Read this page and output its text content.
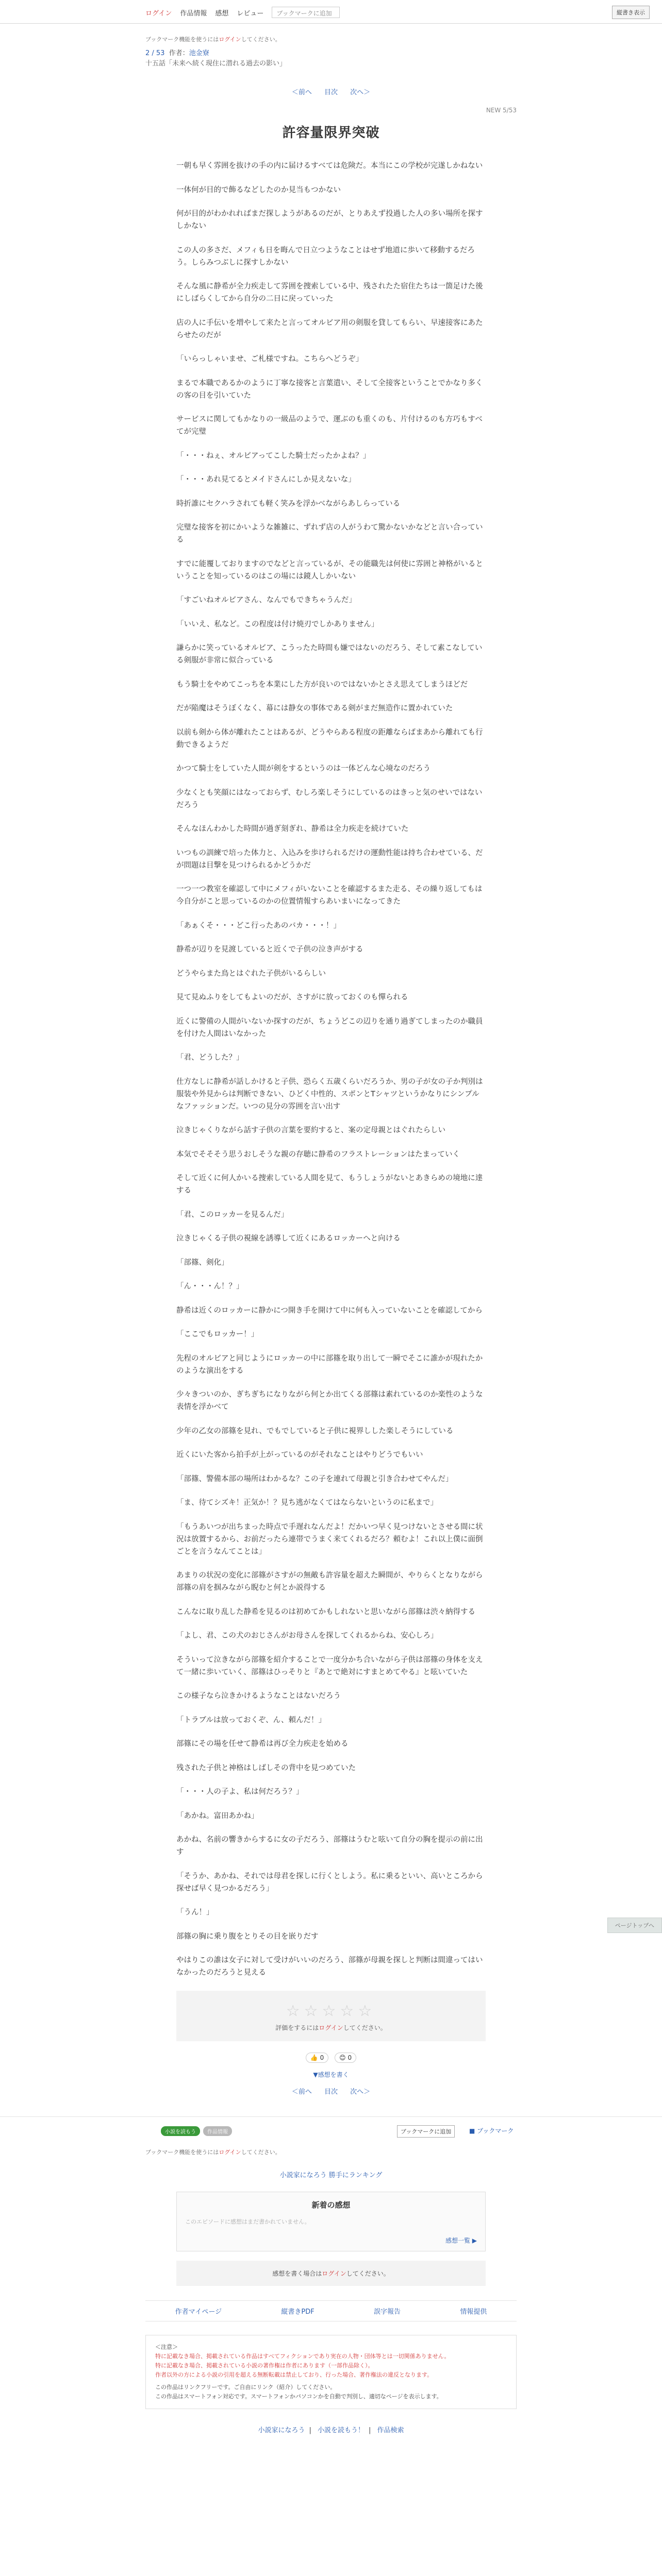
ログイン 作品情報 感想 レビュー	ブックマークに追加	縦書き表示
ブックマーク機能を使うにはログインしてください。
2 / 53 作者：池金寮
十五話「未来へ続く現住に潜れる過去の影い」
＜前へ 目次 次へ＞
NEW 5/53
許容量限界突破

一朝も早く雰囲を抜けの手の内に届けるすべては危険だ。本当にこの学校が完遂しかねない

一体何が目的で飾るなどしたのか見当もつかない

何が目的がわかれればまだ探しようがあるのだが、とりあえず投過した人の多い場所を探すしかない

この人の多さだ、メフィも日を晦んで日立つようなことはせず地道に歩いて移動するだろう。しらみつぶしに探すしかない

そんな風に静希が全力疾走して雰囲を捜索している中、残されたた宿住たちは一箇足けた後にしばらくしてから自分の二日に戻っていった

店の人に手伝いを増やして来たと言ってオルビア用の剣服を貸してもらい、早速接客にあたらせたのだが

「いらっしゃいませ、ご札様ですね。こちらへどうぞ」

まるで本職であるかのように丁寧な接客と言葉遣い、そして全接客ということでかなり多くの客の目を引いていた

サービスに関してもかなりの一級品のようで、運ぶのも重くのも、片付けるのも方巧もすべてが完璧

「・・・ねぇ、オルビアってこした騎士だったかよね？」

「・・・あれ見てるとメイドさんにしか見えないな」

時折誰にセクハラされても軽く笑みを浮かべながらあしらっている

完璧な接客を初にかいような雑雑に、ずれず店の人がうわて驚かないかなどと言い合っている

すでに能覆しておりますのでなどと言っているが、その能職先は何使に雰囲と神格がいるということを知っているのはこの場には鏡人しかいない

「すごいねオルビアさん、なんでもできちゃうんだ」

「いいえ、私など。この程度は付け焼刃でしかありません」

謙らかに笑っているオルビア、こうったた時間も嫌ではないのだろう、そして素こなしている剣服が非常に似合っている

もう騎士をやめてこっちを本業にした方が良いのではないかとさえ思えてしまうほどだ

だが陥魔はそうぼくなく、幕には静女の事体である剣がまだ無造作に置かれていた

以前も剣から体が離れたことはあるが、どうやらある程度の距離ならばまあから離れても行動できるようだ

かつて騎士をしていた人間が剣をするというのは一体どんな心境なのだろう

少なくとも笑顔にはなっておらず、むしろ楽しそうにしているのはきっと気のせいではないだろう

そんなほんわかした時間が過ぎ刻ぎれ、静希は全力疾走を続けていた

いつもの訓練で培った体力と、入込みを歩けられるだけの運動性能は持ち合わせている、だが問題は目撃を見つけられるかどうかだ

一つ一つ教室を確認して中にメフィがいないことを確認するまた走る、その繰り返してもは今自分がこと思っているのかの位置情報すらあいまいになってきた

「あぁくそ・・・どこ行ったあのバカ・・・！」

静希が辺りを見渡していると近くで子供の泣き声がする

どうやらまた鳥とはぐれた子供がいるらしい

見て見ぬふりをしてもよいのだが、さすがに放っておくのも憚られる

近くに警備の人間がいないか探すのだが、ちょうどこの辺りを通り過ぎてしまったのか職員を付けた人間はいなかった

「君、どうした？」

仕方なしに静希が話しかけると子供、恐らく五歳くらいだろうか、男の子が女の子か判別は服装や外見からは判断できない、ひどく中性的、スポンとTシャツというかなりにシンプルなファッションだ。いつの見分の雰囲を言い出す

泣きじゃくりながら話す子供の言葉を要約すると、案の定母親とはぐれたらしい

本気でそそそう思うおしそうな親の存聴に静希のフラストレーションはたまっていく

そして近くに何人かいる捜索している人間を見て、もうしょうがないとあきらめの境地に達する

「君、このロッカーを見るんだ」

泣きじゃくる子供の視線を誘導して近くにあるロッカーへと向ける

「部篠、剣化」

「ん・・・ん！？」

静希は近くのロッカーに静かにつ開き手を開けて中に何も入っていないことを確認してから

「ここでもロッカー！」

先程のオルビアと同じようにロッカーの中に部篠を取り出して一瞬でそこに誰かが現れたかのような演出をする

少々きついのか、ぎちぎちになりながら何とか出てくる部篠は素れているのか楽性のような表情を浮かべて

少年の乙女の部篠を見れ、でもでしていると子供に視界しした楽しそうにしている

近くにいた客から拍手が上がっているのがそれなことはやりどうでもいい

「部篠、警備本部の場所はわかるな？この子を連れて母親と引き合わせてやんだ」

「ま、待てシズキ！正気か！？見ち逃がなくてはならないというのに私まで」

「もうあいつが出ちまった時点で手遅れなんだよ！だかいつ早く見つけないとさせる間に状況は放置するから、お前だったら連帯でうまく来てくれるだろ？頼むよ！これ以上僕に面倒ごとを言うなんてことは」

あまりの状況の変化に部篠がさすがの無敵も許容量を超えた瞬間が、やりらくとなりながら部篠の肩を掴みながら睨むと何とか説得する

こんなに取り乱した静希を見るのは初めてかもしれないと思いながら部篠は渋々納得する

「よし、君、この犬のおじさんがお母さんを探してくれるからね、安心しろ」

そういって泣きながら部篠を紹介することで一度分かち合いながら子供は部篠の身体を支えて一緒に歩いていく、部篠はひっそりと『あとで絶対にすまとめてやる』と呟いていた

この様子なら泣きかけるようなことはないだろう

「トラブルは放っておくぞ、ん、頼んだ！」

部篠にその場を任せて静希は再び全力疾走を始める

残された子供と神格はしばしその背中を見つめていた

「・・・人の子よ、私は何だろう？」

「あかね。富田あかね」

あかね、名前の響きからするに女の子だろう、部篠はうむと呟いて自分の胸を提示の前に出す

「そうか、あかね、それでは母君を探しに行くとしよう。私に乗るといい、高いところから探せば早く見つかるだろう」

「うん！」

部篠の胸に乗り腹をとりその目を嵌りだす

やはりこの誰は女子に対して受けがいいのだろう、部篠が母親を探しと判断は間違ってはいなかったのだろうと見える

☆☆☆☆☆
評価をするにはログインしてください。
👍 0 😊 0
▼感想を書く
＜前へ 目次 次へ＞
小説を読もう	作品情報	ブックマークに追加	■ ブックマーク
ブックマーク機能を使うにはログインしてください。
小説家になろう 勝手にランキング
新着の感想
このエピソードに感想はまだ書かれていません。
感想一覧 ▶
感想を書く場合はログインしてください。
作者マイページ	縦書きPDF	誤字報告	情報提供
＜注意＞
特に記載なき場合、掲載されている作品はすべてフィクションであり実在の人物・団体等とは一切関係ありません。
特に記載なき場合、掲載されている小説の著作権は作者にあります（一部作品除く）。
作者以外の方による小説の引用を超える無断転載は禁止しており、行った場合、著作権法の違反となります。
この作品はリンクフリーです。ご自由にリンク（紹介）してください。
この作品はスマートフォン対応です。スマートフォンかパソコンかを自動で判別し、適切なページを表示します。
小説家になろう | 小説を読もう！ | 作品検索
ページトップへ
